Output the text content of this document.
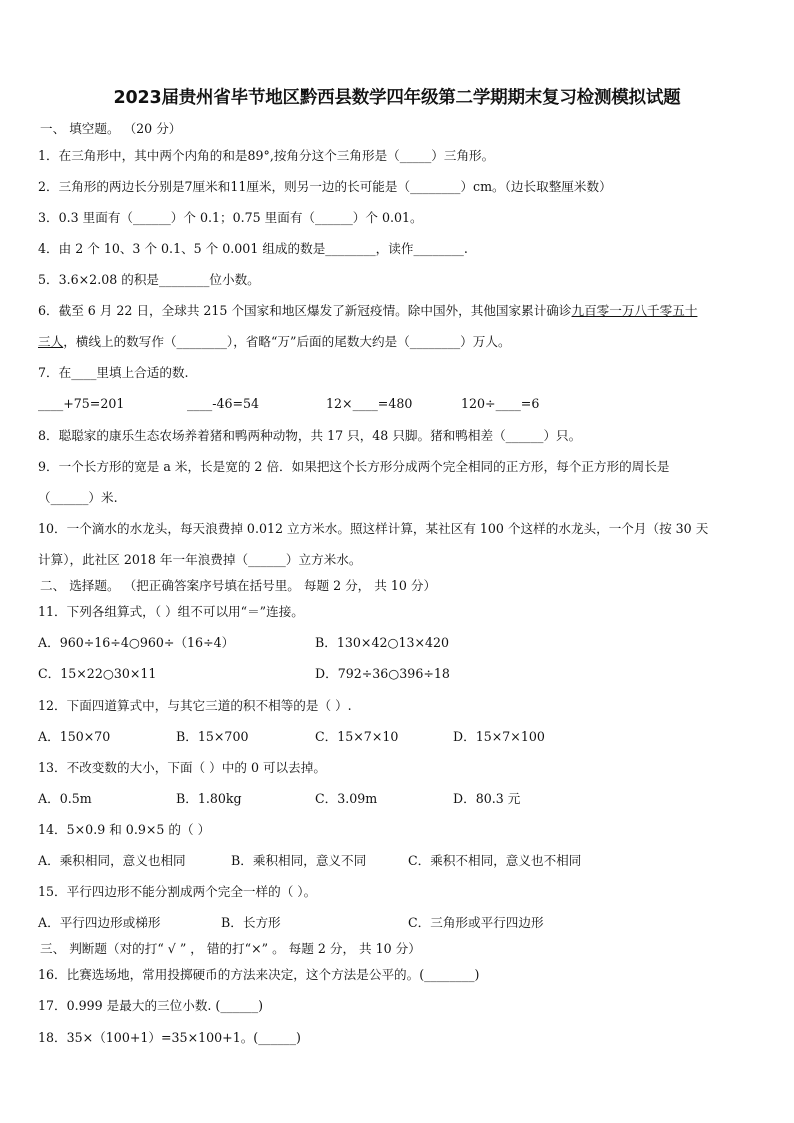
2023届贵州省毕节地区黔西县数学四年级第二学期期末复习检测模拟试题
一、 填空题。 （20 分）
1．在三角形中，其中两个内角的和是89°,按角分这个三角形是（_____）三角形。
2．三角形的两边长分别是7厘米和11厘米，则另一边的长可能是（________）cm。（边长取整厘米数）
3．0.3 里面有（______）个 0.1；0.75 里面有（______）个 0.01。
4．由 2 个 10、3 个 0.1、5 个 0.001 组成的数是________，读作________.
5．3.6×2.08 的积是________位小数。
6．截至 6 月 22 日，全球共 215 个国家和地区爆发了新冠疫情。除中国外，其他国家累计确诊九百零一万八千零五十
三人，横线上的数写作（________），省略“万”后面的尾数大约是（________）万人。
7．在____里填上合适的数.
____+75=201	____-46=54	12×____=480	120÷____=6
8．聪聪家的康乐生态农场养着猪和鸭两种动物，共 17 只，48 只脚。猪和鸭相差（______）只。
9．一个长方形的宽是 a 米，长是宽的 2 倍．如果把这个长方形分成两个完全相同的正方形，每个正方形的周长是
（______）米.
10．一个滴水的水龙头，每天浪费掉 0.012 立方米水。照这样计算，某社区有 100 个这样的水龙头，一个月（按 30 天
计算），此社区 2018 年一年浪费掉（______）立方米水。
二、 选择题。 （把正确答案序号填在括号里。 每题 2 分， 共 10 分）
11．下列各组算式，（ ）组不可以用“＝”连接。
A．960÷16÷4○960÷（16÷4）	B．130×42○13×420
C．15×22○30×11	D．792÷36○396÷18
12．下面四道算式中，与其它三道的积不相等的是（ ）.
A．150×70	B．15×700	C．15×7×10	D．15×7×100
13．不改变数的大小，下面（ ）中的 0 可以去掉。
A．0.5m	B．1.80kg	C．3.09m	D．80.3 元
14．5×0.9 和 0.9×5 的（ ）
A．乘积相同，意义也相同	B．乘积相同，意义不同	C．乘积不相同，意义也不相同
15．平行四边形不能分割成两个完全一样的（ ）。
A．平行四边形或梯形	B．长方形	C．三角形或平行四边形
三、 判断题（对的打“ √ ” ， 错的打“×” 。 每题 2 分， 共 10 分）
16．比赛选场地，常用投掷硬币的方法来决定，这个方法是公平的。(________)
17．0.999 是最大的三位小数. (______)
18．35×（100+1）=35×100+1。(______)
